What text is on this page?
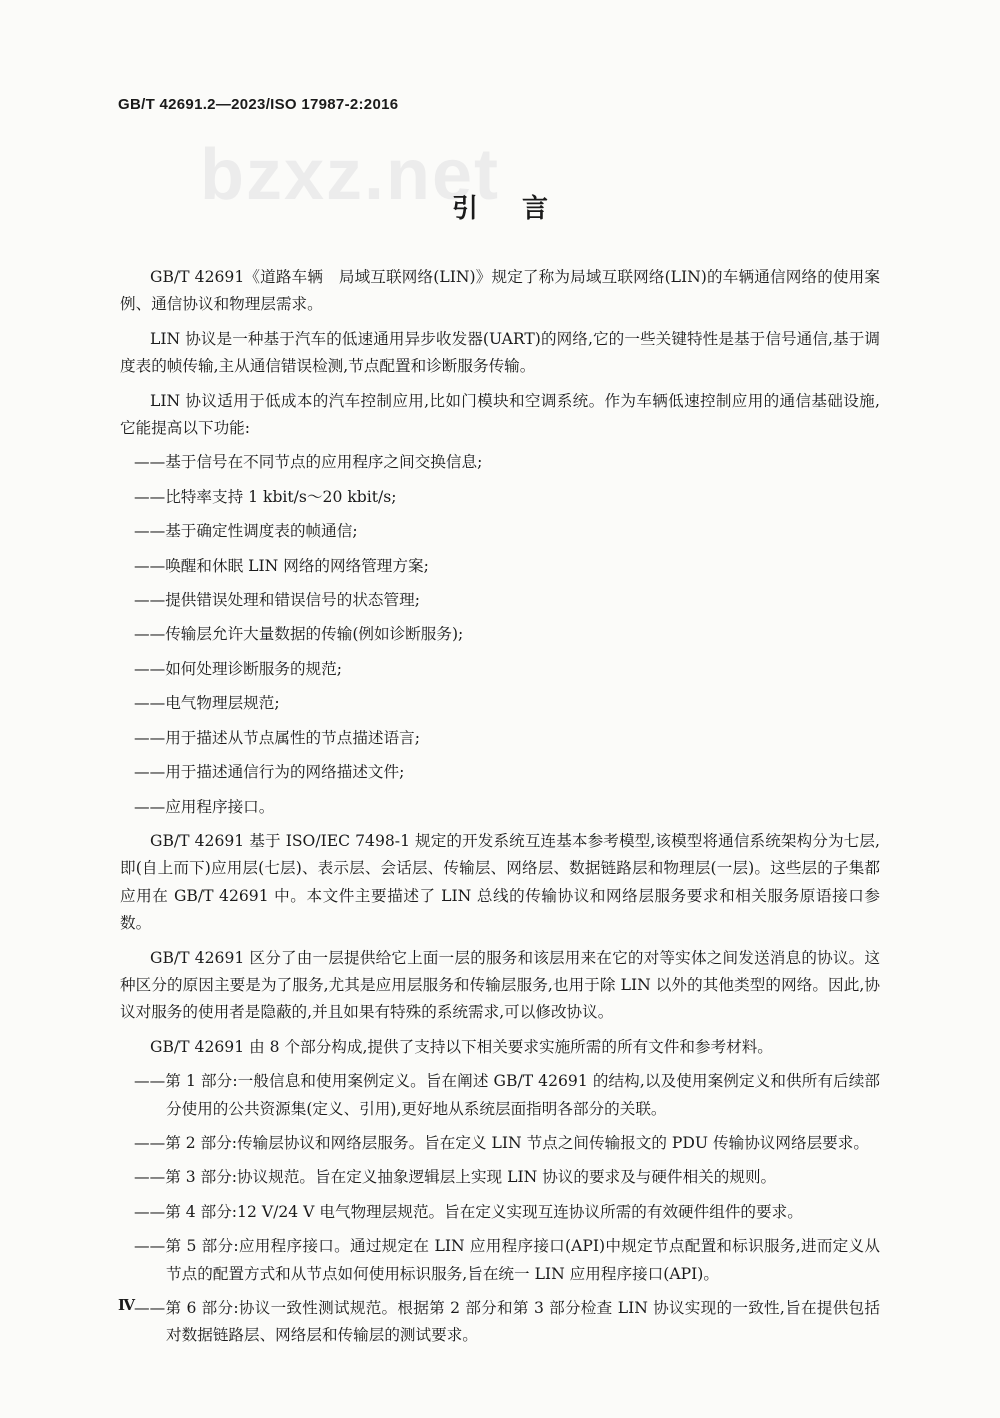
GB/T 42691.2—2023/ISO 17987-2:2016
bzxz.net
引言

GB/T 42691《道路车辆　局域互联网络(LIN)》规定了称为局域互联网络(LIN)的车辆通信网络的使用案例、通信协议和物理层需求。

LIN 协议是一种基于汽车的低速通用异步收发器(UART)的网络,它的一些关键特性是基于信号通信,基于调度表的帧传输,主从通信错误检测,节点配置和诊断服务传输。

LIN 协议适用于低成本的汽车控制应用,比如门模块和空调系统。作为车辆低速控制应用的通信基础设施,它能提高以下功能:

——基于信号在不同节点的应用程序之间交换信息;

——比特率支持 1 kbit/s～20 kbit/s;

——基于确定性调度表的帧通信;

——唤醒和休眠 LIN 网络的网络管理方案;

——提供错误处理和错误信号的状态管理;

——传输层允许大量数据的传输(例如诊断服务);

——如何处理诊断服务的规范;

——电气物理层规范;

——用于描述从节点属性的节点描述语言;

——用于描述通信行为的网络描述文件;

——应用程序接口。

GB/T 42691 基于 ISO/IEC 7498-1 规定的开发系统互连基本参考模型,该模型将通信系统架构分为七层,即(自上而下)应用层(七层)、表示层、会话层、传输层、网络层、数据链路层和物理层(一层)。这些层的子集都应用在 GB/T 42691 中。本文件主要描述了 LIN 总线的传输协议和网络层服务要求和相关服务原语接口参数。

GB/T 42691 区分了由一层提供给它上面一层的服务和该层用来在它的对等实体之间发送消息的协议。这种区分的原因主要是为了服务,尤其是应用层服务和传输层服务,也用于除 LIN 以外的其他类型的网络。因此,协议对服务的使用者是隐蔽的,并且如果有特殊的系统需求,可以修改协议。

GB/T 42691 由 8 个部分构成,提供了支持以下相关要求实施所需的所有文件和参考材料。

——第 1 部分:一般信息和使用案例定义。旨在阐述 GB/T 42691 的结构,以及使用案例定义和供所有后续部分使用的公共资源集(定义、引用),更好地从系统层面指明各部分的关联。

——第 2 部分:传输层协议和网络层服务。旨在定义 LIN 节点之间传输报文的 PDU 传输协议网络层要求。

——第 3 部分:协议规范。旨在定义抽象逻辑层上实现 LIN 协议的要求及与硬件相关的规则。

——第 4 部分:12 V/24 V 电气物理层规范。旨在定义实现互连协议所需的有效硬件组件的要求。

——第 5 部分:应用程序接口。通过规定在 LIN 应用程序接口(API)中规定节点配置和标识服务,进而定义从节点的配置方式和从节点如何使用标识服务,旨在统一 LIN 应用程序接口(API)。

——第 6 部分:协议一致性测试规范。根据第 2 部分和第 3 部分检查 LIN 协议实现的一致性,旨在提供包括对数据链路层、网络层和传输层的测试要求。

Ⅳ
